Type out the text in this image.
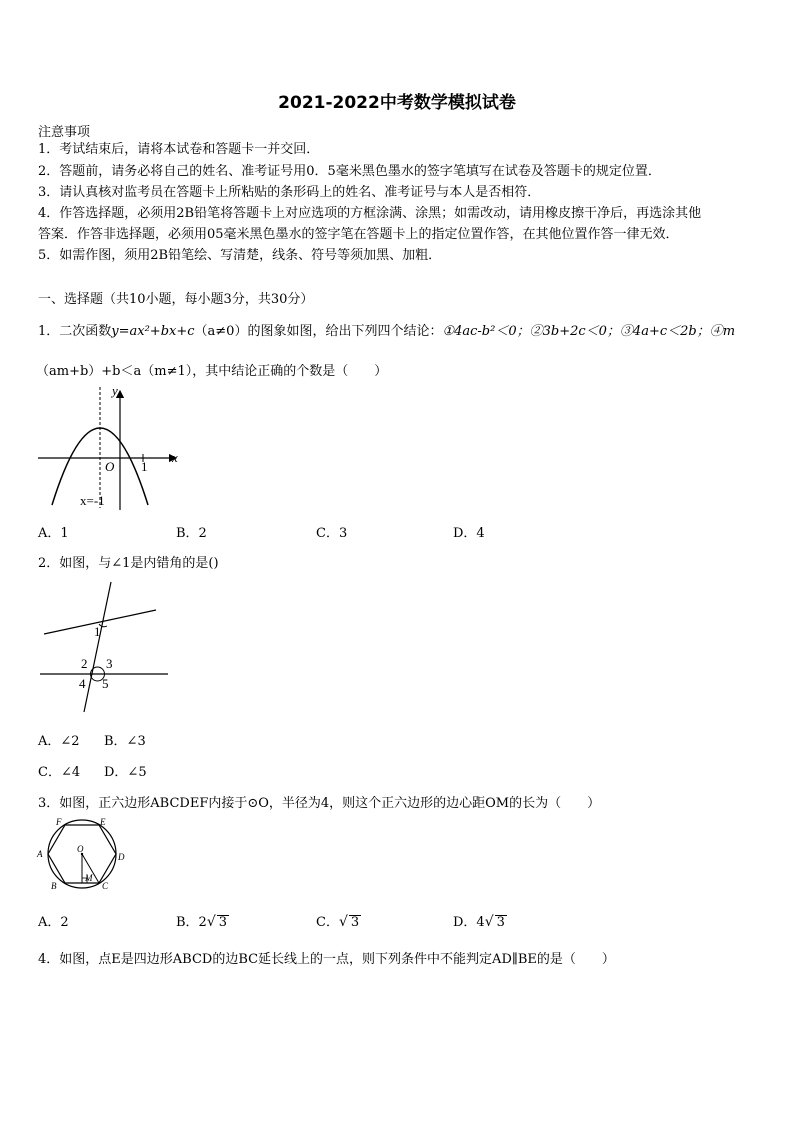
2021-2022中考数学模拟试卷
注意事项
1．考试结束后，请将本试卷和答题卡一并交回．
2．答题前，请务必将自己的姓名、准考证号用0．5毫米黑色墨水的签字笔填写在试卷及答题卡的规定位置．
3．请认真核对监考员在答题卡上所粘贴的条形码上的姓名、准考证号与本人是否相符．
4．作答选择题，必须用2B铅笔将答题卡上对应选项的方框涂满、涂黑；如需改动，请用橡皮擦干净后，再选涂其他
答案．作答非选择题，必须用05毫米黑色墨水的签字笔在答题卡上的指定位置作答，在其他位置作答一律无效．
5．如需作图，须用2B铅笔绘、写清楚，线条、符号等须加黑、加粗．
一、选择题（共10小题，每小题3分，共30分）
1．二次函数y=ax²+bx+c（a≠0）的图象如图，给出下列四个结论：①4ac-b²＜0；②3b+2c＜0；③4a+c＜2b；④m
（am+b）+b＜a（m≠1），其中结论正确的个数是（　　）
y
x
O 1
x=-1
A．1	B．2	C．3	D．4
2．如图，与∠1是内错角的是()
1
2 3
4 5
A．∠2 B．∠3
C．∠4 D．∠5
3．如图，正六边形ABCDEF内接于⊙O，半径为4，则这个正六边形的边心距OM的长为（　　）
O
M
A
B	C
D
E
F
A．2	B．2√ 3	C．√ 3	D．4√ 3
4．如图，点E是四边形ABCD的边BC延长线上的一点，则下列条件中不能判定AD∥BE的是（　　）
